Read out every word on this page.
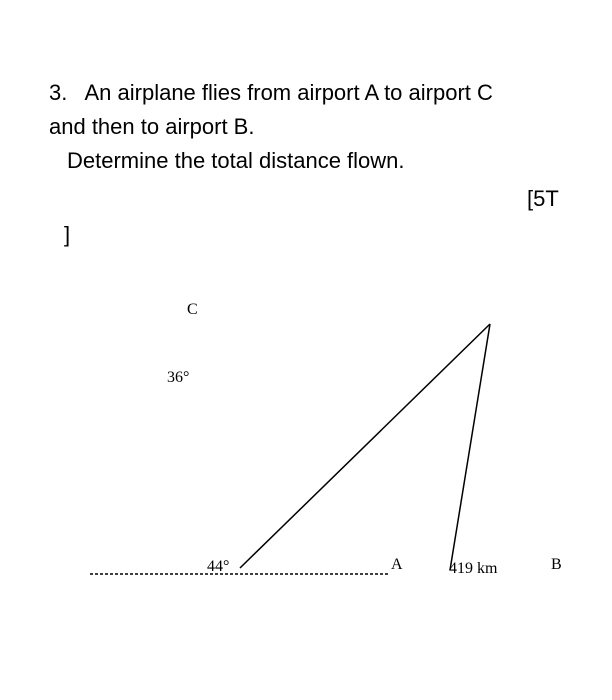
3. An airplane flies from airport A to airport C
and then to airport B.
Determine the total distance flown.
[5T
]
C
36°
44°	A	419 km	B
